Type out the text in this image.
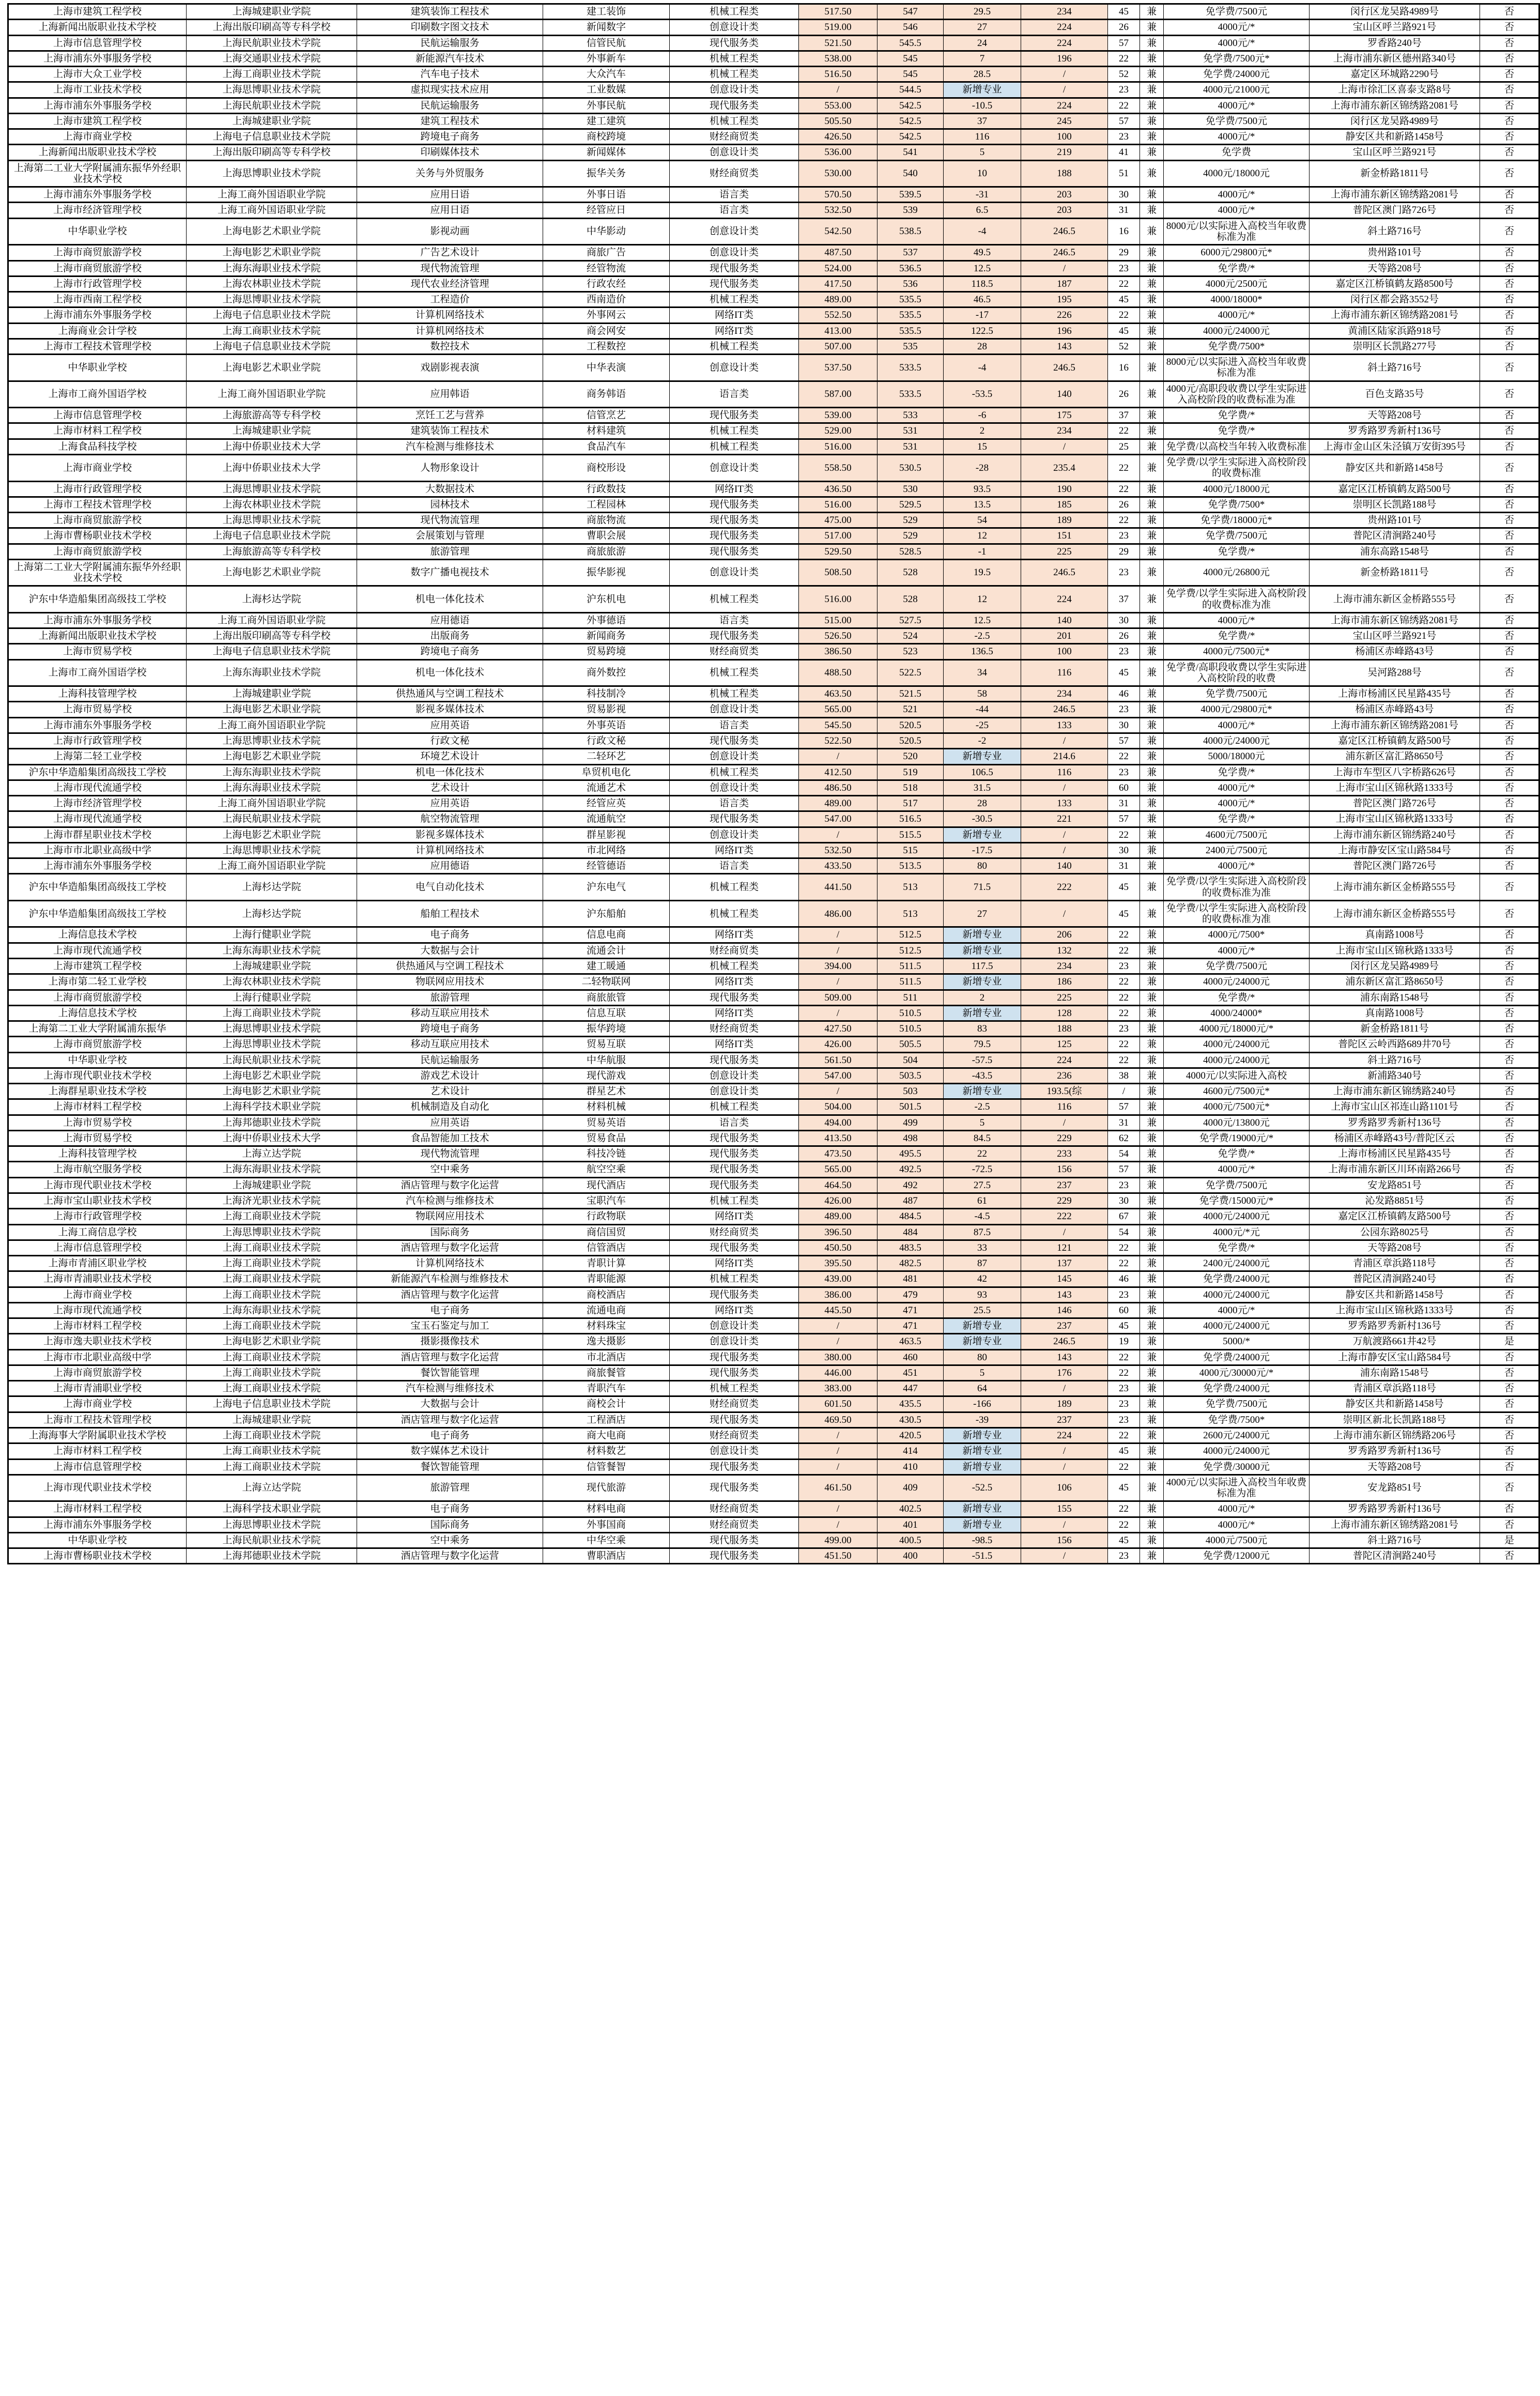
上海市建筑工程学校	上海城建职业学院	建筑装饰工程技术	建工装饰	机械工程类	517.50	547	29.5	234	45	兼	免学费/7500元	闵行区龙吴路4989号	否
上海新闻出版职业技术学校	上海出版印刷高等专科学校	印刷数字图文技术	新闻数字	创意设计类	519.00	546	27	224	26	兼	4000元/*	宝山区呼兰路921号	否
上海市信息管理学校	上海民航职业技术学院	民航运输服务	信管民航	现代服务类	521.50	545.5	24	224	57	兼	4000元/*	罗香路240号	否
上海市浦东外事服务学校	上海交通职业技术学院	新能源汽车技术	外事新车	机械工程类	538.00	545	7	196	22	兼	免学费/7500元*	上海市浦东新区德州路340号	否
上海市大众工业学校	上海工商职业技术学院	汽车电子技术	大众汽车	机械工程类	516.50	545	28.5	/	52	兼	免学费/24000元	嘉定区环城路2290号	否
上海市工业技术学校	上海思博职业技术学院	虚拟现实技术应用	工业数媒	创意设计类	/	544.5	新增专业	/	23	兼	4000元/21000元	上海市徐汇区喜泰支路8号	否
上海市浦东外事服务学校	上海民航职业技术学院	民航运输服务	外事民航	现代服务类	553.00	542.5	-10.5	224	22	兼	4000元/*	上海市浦东新区锦绣路2081号	否
上海市建筑工程学校	上海城建职业学院	建筑工程技术	建工建筑	机械工程类	505.50	542.5	37	245	57	兼	免学费/7500元	闵行区龙吴路4989号	否
上海市商业学校	上海电子信息职业技术学院	跨境电子商务	商校跨境	财经商贸类	426.50	542.5	116	100	23	兼	4000元/*	静安区共和新路1458号	否
上海新闻出版职业技术学校	上海出版印刷高等专科学校	印刷媒体技术	新闻媒体	创意设计类	536.00	541	5	219	41	兼	免学费	宝山区呼兰路921号	否
上海第二工业大学附属浦东振华外经职业技术学校	上海思博职业技术学院	关务与外贸服务	振华关务	财经商贸类	530.00	540	10	188	51	兼	4000元/18000元	新金桥路1811号	否
上海市浦东外事服务学校	上海工商外国语职业学院	应用日语	外事日语	语言类	570.50	539.5	-31	203	30	兼	4000元/*	上海市浦东新区锦绣路2081号	否
上海市经济管理学校	上海工商外国语职业学院	应用日语	经管应日	语言类	532.50	539	6.5	203	31	兼	4000元/*	普陀区澳门路726号	否
中华职业学校	上海电影艺术职业学院	影视动画	中华影动	创意设计类	542.50	538.5	-4	246.5	16	兼	8000元/以实际进入高校当年收费标准为准	斜土路716号	否
上海市商贸旅游学校	上海电影艺术职业学院	广告艺术设计	商旅广告	创意设计类	487.50	537	49.5	246.5	29	兼	6000元/29800元*	贵州路101号	否
上海市商贸旅游学校	上海东海职业技术学院	现代物流管理	经管物流	现代服务类	524.00	536.5	12.5	/	23	兼	免学费/*	天等路208号	否
上海市行政管理学校	上海农林职业技术学院	现代农业经济管理	行政农经	现代服务类	417.50	536	118.5	187	22	兼	4000元/2500元	嘉定区江桥镇鹤友路8500号	否
上海市西南工程学校	上海思博职业技术学院	工程造价	西南造价	机械工程类	489.00	535.5	46.5	195	45	兼	4000/18000*	闵行区都会路3552号	否
上海市浦东外事服务学校	上海电子信息职业技术学院	计算机网络技术	外事网云	网络IT类	552.50	535.5	-17	226	22	兼	4000元/*	上海市浦东新区锦绣路2081号	否
上海商业会计学校	上海工商职业技术学院	计算机网络技术	商会网安	网络IT类	413.00	535.5	122.5	196	45	兼	4000元/24000元	黄浦区陆家浜路918号	否
上海市工程技术管理学校	上海电子信息职业技术学院	数控技术	工程数控	机械工程类	507.00	535	28	143	52	兼	免学费/7500*	崇明区长凯路277号	否
中华职业学校	上海电影艺术职业学院	戏剧影视表演	中华表演	创意设计类	537.50	533.5	-4	246.5	16	兼	8000元/以实际进入高校当年收费标准为准	斜土路716号	否
上海市工商外国语学校	上海工商外国语职业学院	应用韩语	商务韩语	语言类	587.00	533.5	-53.5	140	26	兼	4000元/高职段收费以学生实际进入高校阶段的收费标准为准	百色支路35号	否
上海市信息管理学校	上海旅游高等专科学校	烹饪工艺与营养	信管烹艺	现代服务类	539.00	533	-6	175	37	兼	免学费/*	天等路208号	否
上海市材料工程学校	上海城建职业学院	建筑装饰工程技术	材料建筑	机械工程类	529.00	531	2	234	22	兼	免学费/*	罗秀路罗秀新村136号	否
上海食品科技学校	上海中侨职业技术大学	汽车检测与维修技术	食品汽车	机械工程类	516.00	531	15	/	25	兼	免学费/以高校当年转入收费标准	上海市金山区朱泾镇万安街395号	否
上海市商业学校	上海中侨职业技术大学	人物形象设计	商校形设	创意设计类	558.50	530.5	-28	235.4	22	兼	免学费/以学生实际进入高校阶段的收费标准	静安区共和新路1458号	否
上海市行政管理学校	上海思博职业技术学院	大数据技术	行政数技	网络IT类	436.50	530	93.5	190	22	兼	4000元/18000元	嘉定区江桥镇鹤友路500号	否
上海市工程技术管理学校	上海农林职业技术学院	园林技术	工程园林	现代服务类	516.00	529.5	13.5	185	26	兼	免学费/7500*	崇明区长凯路188号	否
上海市商贸旅游学校	上海思博职业技术学院	现代物流管理	商旅物流	现代服务类	475.00	529	54	189	22	兼	免学费/18000元*	贵州路101号	否
上海市曹杨职业技术学校	上海电子信息职业技术学院	会展策划与管理	曹职会展	现代服务类	517.00	529	12	151	23	兼	免学费/7500元	普陀区清涧路240号	否
上海市商贸旅游学校	上海旅游高等专科学校	旅游管理	商旅旅游	现代服务类	529.50	528.5	-1	225	29	兼	免学费/*	浦东高路1548号	否
上海第二工业大学附属浦东振华外经职业技术学校	上海电影艺术职业学院	数字广播电视技术	振华影视	创意设计类	508.50	528	19.5	246.5	23	兼	4000元/26800元	新金桥路1811号	否
沪东中华造船集团高级技工学校	上海杉达学院	机电一体化技术	沪东机电	机械工程类	516.00	528	12	224	37	兼	免学费/以学生实际进入高校阶段的收费标准为准	上海市浦东新区金桥路555号	否
上海市浦东外事服务学校	上海工商外国语职业学院	应用德语	外事德语	语言类	515.00	527.5	12.5	140	30	兼	4000元/*	上海市浦东新区锦绣路2081号	否
上海新闻出版职业技术学校	上海出版印刷高等专科学校	出版商务	新闻商务	现代服务类	526.50	524	-2.5	201	26	兼	免学费/*	宝山区呼兰路921号	否
上海市贸易学校	上海电子信息职业技术学院	跨境电子商务	贸易跨境	财经商贸类	386.50	523	136.5	100	23	兼	4000元/7500元*	杨浦区赤峰路43号	否
上海市工商外国语学校	上海东海职业技术学院	机电一体化技术	商外数控	机械工程类	488.50	522.5	34	116	45	兼	免学费/高职段收费以学生实际进入高校阶段的收费	吴河路288号	否
上海科技管理学校	上海城建职业学院	供热通风与空调工程技术	科技制冷	机械工程类	463.50	521.5	58	234	46	兼	免学费/7500元	上海市杨浦区民星路435号	否
上海市贸易学校	上海电影艺术职业学院	影视多媒体技术	贸易影视	创意设计类	565.00	521	-44	246.5	23	兼	4000元/29800元*	杨浦区赤峰路43号	否
上海市浦东外事服务学校	上海工商外国语职业学院	应用英语	外事英语	语言类	545.50	520.5	-25	133	30	兼	4000元/*	上海市浦东新区锦绣路2081号	否
上海市行政管理学校	上海思博职业技术学院	行政文秘	行政文秘	现代服务类	522.50	520.5	-2	/	57	兼	4000元/24000元	嘉定区江桥镇鹤友路500号	否
上海第二轻工业学校	上海电影艺术职业学院	环境艺术设计	二轻环艺	创意设计类	/	520	新增专业	214.6	22	兼	5000/18000元	浦东新区富汇路8650号	否
沪东中华造船集团高级技工学校	上海东海职业技术学院	机电一体化技术	阜贸机电化	机械工程类	412.50	519	106.5	116	23	兼	免学费/*	上海市车型区八字桥路626号	否
上海市现代流通学校	上海东海职业技术学院	艺术设计	流通艺术	创意设计类	486.50	518	31.5	/	60	兼	4000元/*	上海市宝山区锦秋路1333号	否
上海市经济管理学校	上海工商外国语职业学院	应用英语	经管应英	语言类	489.00	517	28	133	31	兼	4000元/*	普陀区澳门路726号	否
上海市现代流通学校	上海民航职业技术学院	航空物流管理	流通航空	现代服务类	547.00	516.5	-30.5	221	57	兼	免学费/*	上海市宝山区锦秋路1333号	否
上海市群星职业技术学校	上海电影艺术职业学院	影视多媒体技术	群星影视	创意设计类	/	515.5	新增专业	/	22	兼	4600元/7500元	上海市浦东新区锦绣路240号	否
上海市市北职业高级中学	上海思博职业技术学院	计算机网络技术	市北网络	网络IT类	532.50	515	-17.5	/	30	兼	2400元/7500元	上海市静安区宝山路584号	否
上海市浦东外事服务学校	上海工商外国语职业学院	应用德语	经管德语	语言类	433.50	513.5	80	140	31	兼	4000元/*	普陀区澳门路726号	否
沪东中华造船集团高级技工学校	上海杉达学院	电气自动化技术	沪东电气	机械工程类	441.50	513	71.5	222	45	兼	免学费/以学生实际进入高校阶段的收费标准为准	上海市浦东新区金桥路555号	否
沪东中华造船集团高级技工学校	上海杉达学院	船舶工程技术	沪东船舶	机械工程类	486.00	513	27	/	45	兼	免学费/以学生实际进入高校阶段的收费标准为准	上海市浦东新区金桥路555号	否
上海信息技术学校	上海行健职业学院	电子商务	信息电商	网络IT类	/	512.5	新增专业	206	22	兼	4000元/7500*	真南路1008号	否
上海市现代流通学校	上海东海职业技术学院	大数据与会计	流通会计	财经商贸类	/	512.5	新增专业	132	22	兼	4000元/*	上海市宝山区锦秋路1333号	否
上海市建筑工程学校	上海城建职业学院	供热通风与空调工程技术	建工暖通	机械工程类	394.00	511.5	117.5	234	23	兼	免学费/7500元	闵行区龙吴路4989号	否
上海市第二轻工业学校	上海农林职业技术学院	物联网应用技术	二轻物联网	网络IT类	/	511.5	新增专业	186	22	兼	4000元/24000元	浦东新区富汇路8650号	否
上海市商贸旅游学校	上海行健职业学院	旅游管理	商旅旅管	现代服务类	509.00	511	2	225	22	兼	免学费/*	浦东南路1548号	否
上海信息技术学校	上海工商职业技术学院	移动互联应用技术	信息互联	网络IT类	/	510.5	新增专业	128	22	兼	4000/24000*	真南路1008号	否
上海第二工业大学附属浦东振华	上海思博职业技术学院	跨境电子商务	振华跨境	财经商贸类	427.50	510.5	83	188	23	兼	4000元/18000元/*	新金桥路1811号	否
上海市商贸旅游学校	上海思博职业技术学院	移动互联应用技术	贸易互联	网络IT类	426.00	505.5	79.5	125	22	兼	4000元/24000元	普陀区云岭西路689井70号	否
中华职业学校	上海民航职业技术学院	民航运输服务	中华航服	现代服务类	561.50	504	-57.5	224	22	兼	4000元/24000元	斜土路716号	否
上海市现代职业技术学校	上海电影艺术职业学院	游戏艺术设计	现代游戏	创意设计类	547.00	503.5	-43.5	236	38	兼	4000元/以实际进入高校	新浦路340号	否
上海群星职业技术学校	上海电影艺术职业学院	艺术设计	群星艺术	创意设计类	/	503	新增专业	193.5(综	/	兼	4600元/7500元*	上海市浦东新区锦绣路240号	否
上海市材料工程学校	上海科学技术职业学院	机械制造及自动化	材料机械	机械工程类	504.00	501.5	-2.5	116	57	兼	4000元/7500元*	上海市宝山区祁连山路1101号	否
上海市贸易学校	上海邦德职业技术学院	应用英语	贸易英语	语言类	494.00	499	5	/	31	兼	4000元/13800元	罗秀路罗秀新村136号	否
上海市贸易学校	上海中侨职业技术大学	食品智能加工技术	贸易食品	现代服务类	413.50	498	84.5	229	62	兼	免学费/19000元/*	杨浦区赤峰路43号/普陀区云	否
上海科技管理学校	上海立达学院	现代物流管理	科技冷链	现代服务类	473.50	495.5	22	233	54	兼	免学费/*	上海市杨浦区民星路435号	否
上海市航空服务学校	上海东海职业技术学院	空中乘务	航空空乘	现代服务类	565.00	492.5	-72.5	156	57	兼	4000元/*	上海市浦东新区川环南路266号	否
上海市现代职业技术学校	上海城建职业学院	酒店管理与数字化运营	现代酒店	现代服务类	464.50	492	27.5	237	23	兼	免学费/7500元	安龙路851号	否
上海市宝山职业技术学校	上海济光职业技术学院	汽车检测与维修技术	宝职汽车	机械工程类	426.00	487	61	229	30	兼	免学费/15000元/*	沁发路8851号	否
上海市行政管理学校	上海工商职业技术学院	物联网应用技术	行政物联	网络IT类	489.00	484.5	-4.5	222	67	兼	4000元/24000元	嘉定区江桥镇鹤友路500号	否
上海工商信息学校	上海思博职业技术学院	国际商务	商信国贸	财经商贸类	396.50	484	87.5	/	54	兼	4000元/*元	公园东路8025号	否
上海市信息管理学校	上海工商职业技术学院	酒店管理与数字化运营	信管酒店	现代服务类	450.50	483.5	33	121	22	兼	免学费/*	天等路208号	否
上海市青浦区职业学校	上海工商职业技术学院	计算机网络技术	青职计算	网络IT类	395.50	482.5	87	137	22	兼	2400元/24000元	青浦区章浜路118号	否
上海市青浦职业技术学校	上海工商职业技术学院	新能源汽车检测与维修技术	青职能源	机械工程类	439.00	481	42	145	46	兼	免学费/24000元	普陀区清涧路240号	否
上海市商业学校	上海工商职业技术学院	酒店管理与数字化运营	商校酒店	现代服务类	386.00	479	93	143	23	兼	4000元/24000元	静安区共和新路1458号	否
上海市现代流通学校	上海东海职业技术学院	电子商务	流通电商	网络IT类	445.50	471	25.5	146	60	兼	4000元/*	上海市宝山区锦秋路1333号	否
上海市材料工程学校	上海工商职业技术学院	宝玉石鉴定与加工	材料珠宝	创意设计类	/	471	新增专业	237	45	兼	4000元/24000元	罗秀路罗秀新村136号	否
上海市逸夫职业技术学校	上海电影艺术职业学院	摄影摄像技术	逸夫摄影	创意设计类	/	463.5	新增专业	246.5	19	兼	5000/*	万航渡路661井42号	是
上海市市北职业高级中学	上海工商职业技术学院	酒店管理与数字化运营	市北酒店	现代服务类	380.00	460	80	143	22	兼	免学费/24000元	上海市静安区宝山路584号	否
上海市商贸旅游学校	上海工商职业技术学院	餐饮智能管理	商旅餐管	现代服务类	446.00	451	5	176	22	兼	4000元/30000元/*	浦东南路1548号	否
上海市青浦职业学校	上海工商职业技术学院	汽车检测与维修技术	青职汽车	机械工程类	383.00	447	64	/	23	兼	免学费/24000元	青浦区章浜路118号	否
上海市商业学校	上海电子信息职业技术学院	大数据与会计	商校会计	财经商贸类	601.50	435.5	-166	189	23	兼	免学费/7500元	静安区共和新路1458号	否
上海市工程技术管理学校	上海城建职业学院	酒店管理与数字化运营	工程酒店	现代服务类	469.50	430.5	-39	237	23	兼	免学费/7500*	崇明区新北长凯路188号	否
上海海事大学附属职业技术学校	上海工商职业技术学院	电子商务	商大电商	财经商贸类	/	420.5	新增专业	224	22	兼	2600元/24000元	上海市浦东新区锦绣路206号	否
上海市材料工程学校	上海工商职业技术学院	数字媒体艺术设计	材料数艺	创意设计类	/	414	新增专业	/	45	兼	4000元/24000元	罗秀路罗秀新村136号	否
上海市信息管理学校	上海工商职业技术学院	餐饮智能管理	信管餐智	现代服务类	/	410	新增专业	/	22	兼	免学费/30000元	天等路208号	否
上海市现代职业技术学校	上海立达学院	旅游管理	现代旅游	现代服务类	461.50	409	-52.5	106	45	兼	4000元/以实际进入高校当年收费标准为准	安龙路851号	否
上海市材料工程学校	上海科学技术职业学院	电子商务	材料电商	财经商贸类	/	402.5	新增专业	155	22	兼	4000元/*	罗秀路罗秀新村136号	否
上海市浦东外事服务学校	上海思博职业技术学院	国际商务	外事国商	财经商贸类	/	401	新增专业	/	22	兼	4000元/*	上海市浦东新区锦绣路2081号	否
中华职业学校	上海民航职业技术学院	空中乘务	中华空乘	现代服务类	499.00	400.5	-98.5	156	45	兼	4000元/7500元	斜土路716号	是
上海市曹杨职业技术学校	上海邦德职业技术学院	酒店管理与数字化运营	曹职酒店	现代服务类	451.50	400	-51.5	/	23	兼	免学费/12000元	普陀区清涧路240号	否
